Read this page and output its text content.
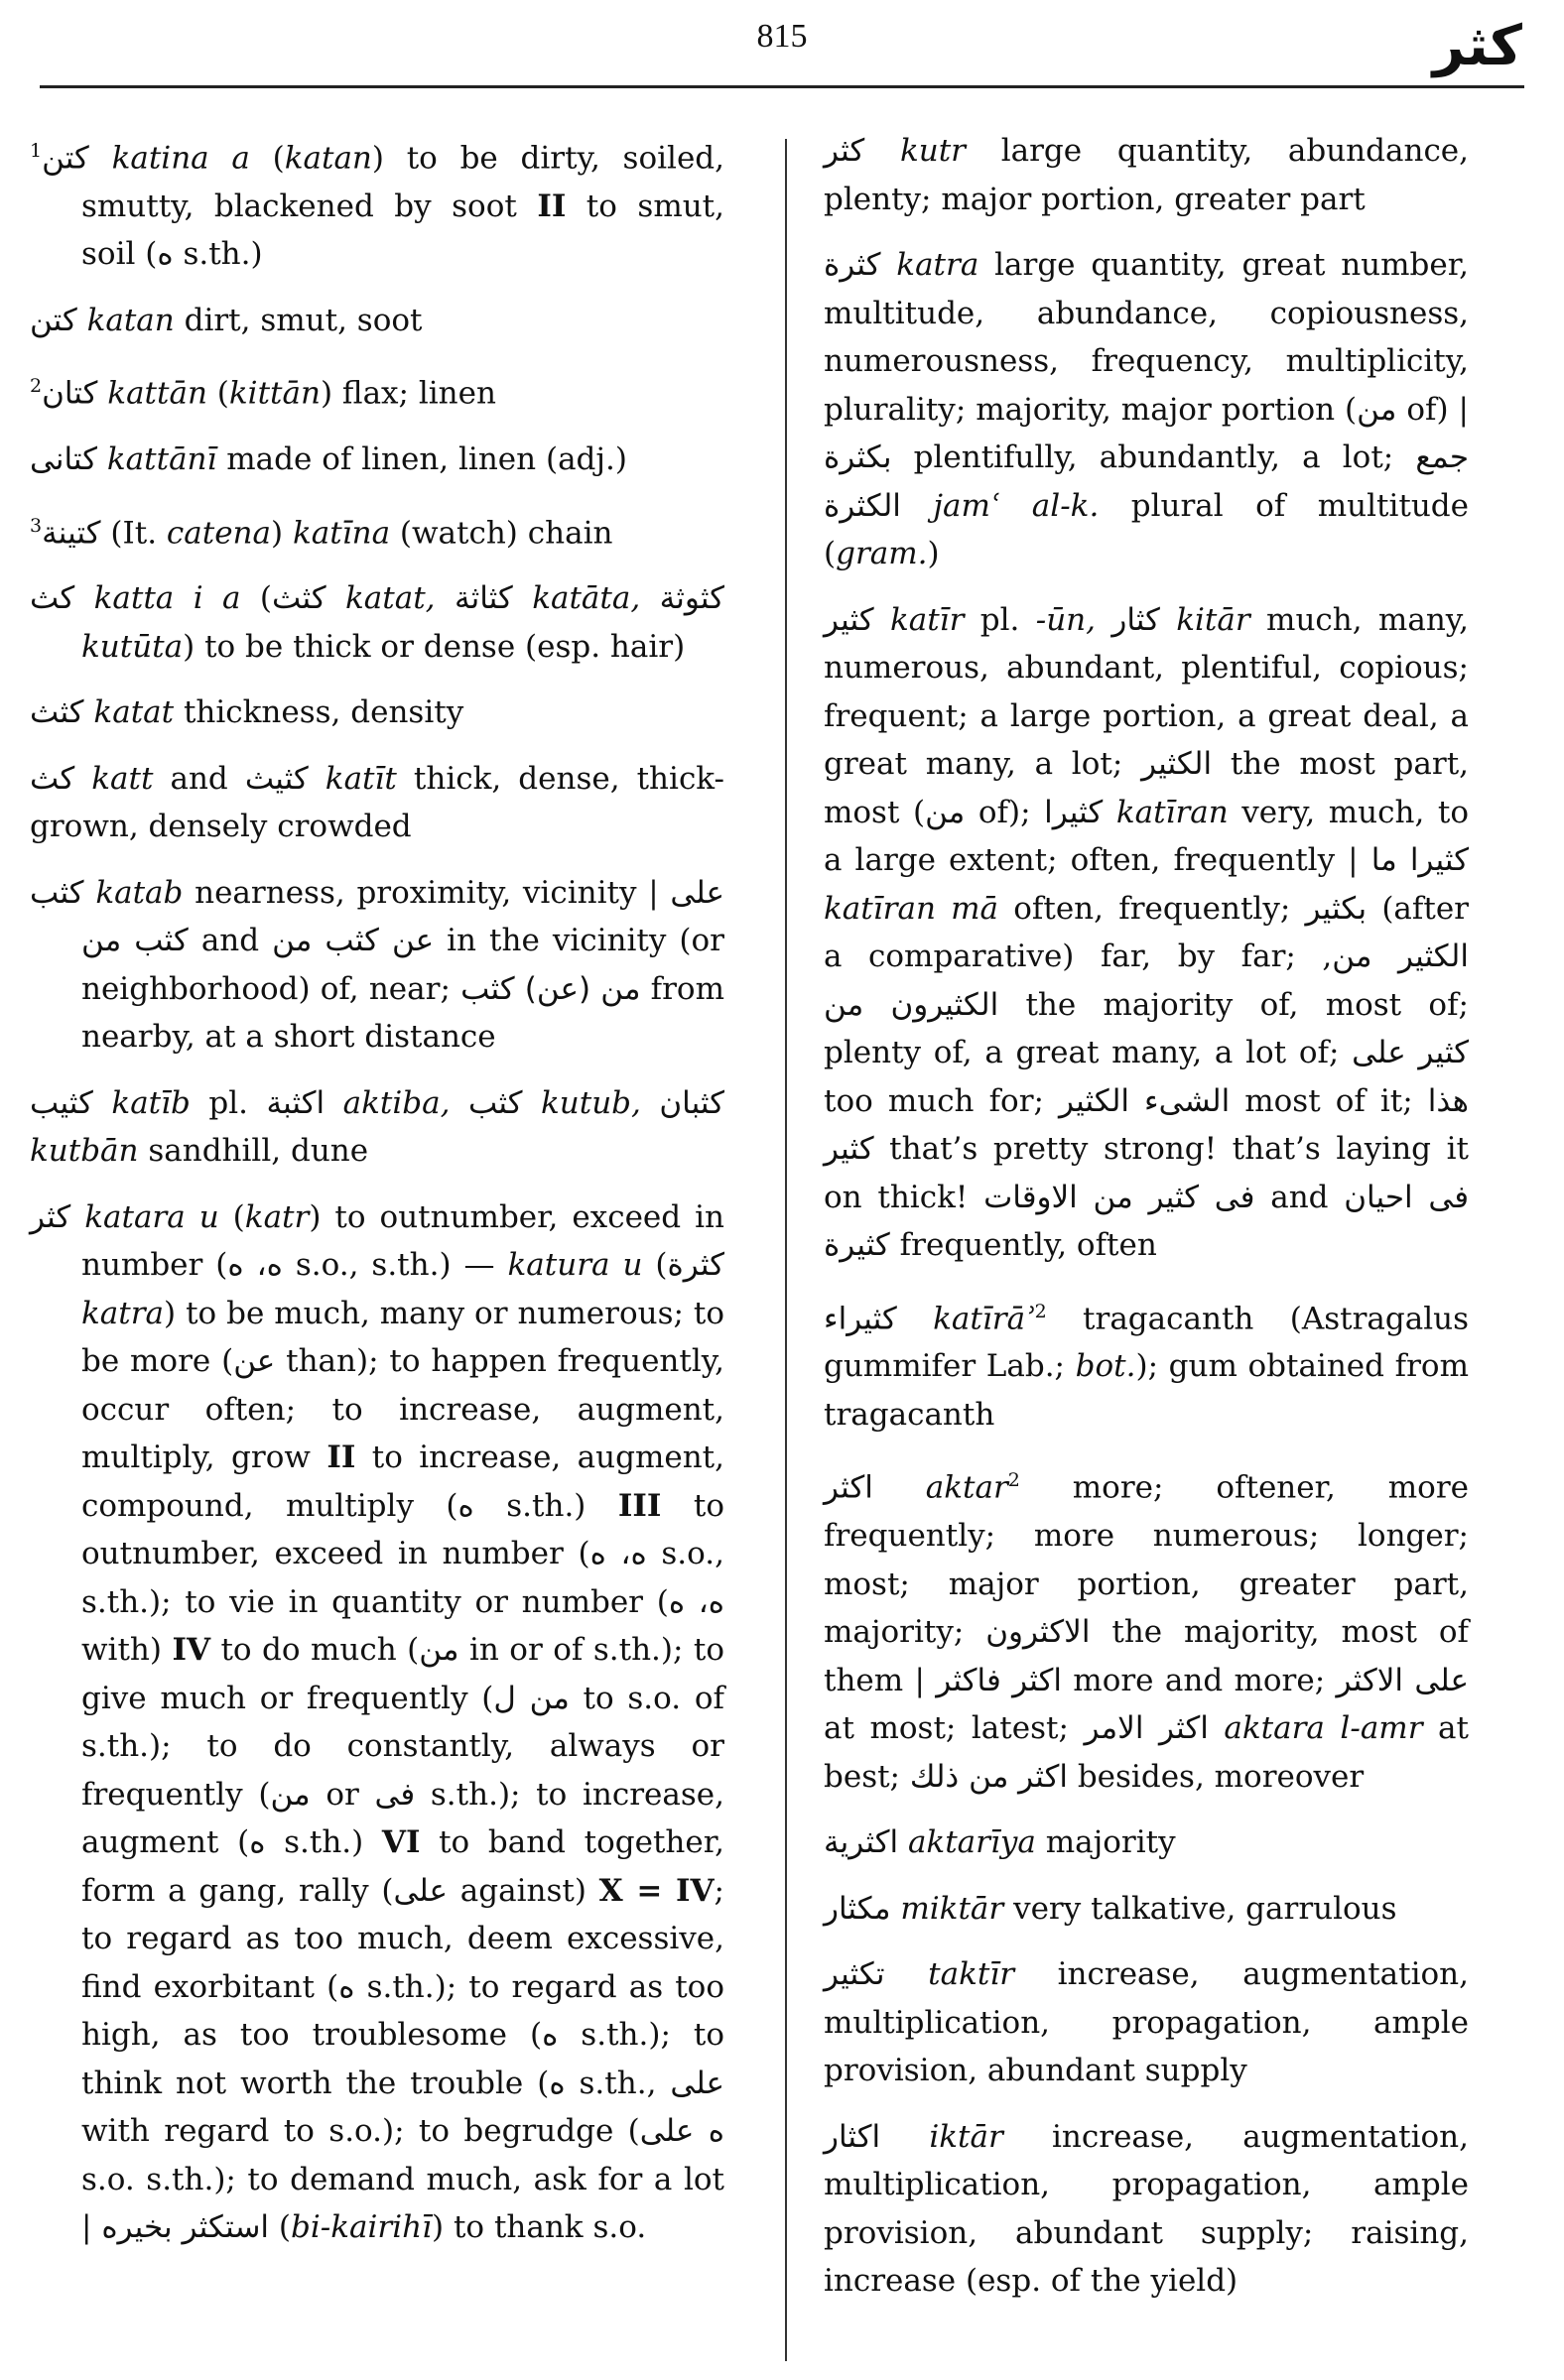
815	كثر

$^1$كتن katina a (katan) to be dirty, soiled, smutty, blackened by soot II to smut, soil (ه s.th.)

كتن katan dirt, smut, soot

$^2$كتان kattān (kittān) flax; linen

كتانى kattānī made of linen, linen (adj.)

$^3$كتينة (It. catena) katīna (watch) chain

كث katta i a (كثث katat, كثاثة katāta, كثوثة kutūta) to be thick or dense (esp. hair)

كثث katat thickness, density

كث katt and كثيث katīt thick, dense, thick-grown, densely crowded

كثب katab nearness, proximity, vicinity | على كثب من and عن كثب من in the vicinity (or neighborhood) of, near; من (عن) كثب from nearby, at a short distance

كثيب katīb pl. اكثبة aktiba, كثب kutub, كثبان kutbān sandhill, dune

كثر katara u (katr) to outnumber, exceed in number (ه، ه s.o., s.th.) — katura u (كثرة katra) to be much, many or numerous; to be more (عن than); to happen frequently, occur often; to increase, augment, multiply, grow II to increase, augment, compound, multiply (ه s.th.) III to outnumber, exceed in number (ه، ه s.o., s.th.); to vie in quantity or number (ه، ه with) IV to do much (من in or of s.th.); to give much or frequently (من ل to s.o. of s.th.); to do constantly, always or frequently (من or فى s.th.); to increase, augment (ه s.th.) VI to band together, form a gang, rally (على against) X = IV; to regard as too much, deem excessive, find exorbitant (ه s.th.); to regard as too high, as too troublesome (ه s.th.); to think not worth the trouble (ه s.th., على with regard to s.o.); to begrudge (ه على s.o. s.th.); to demand much, ask for a lot | استكثر بخيره (bi-kairihī) to thank s.o.

كثر kutr large quantity, abundance, plenty; major portion, greater part

كثرة katra large quantity, great number, multitude, abundance, copiousness, numerousness, frequency, multiplicity, plurality; majority, major portion (من of) | بكثرة plentifully, abundantly, a lot; جمع الكثرة jamʿ al-k. plural of multitude (gram.)

كثير katīr pl. -ūn, كثار kitār much, many, numerous, abundant, plentiful, copious; frequent; a large portion, a great deal, a great many, a lot; الكثير the most part, most (من of); كثيرا katīran very, much, to a large extent; often, frequently | كثيرا ما katīran mā often, frequently; بكثير (after a comparative) far, by far; الكثير من, الكثيرون من the majority of, most of; plenty of, a great many, a lot of; كثير على too much for; الشىء الكثير most of it; هذا كثير that’s pretty strong! that’s laying it on thick! فى كثير من الاوقات and فى احيان كثيرة frequently, often

كثيراء katīrāʾ$^2$ tragacanth (Astragalus gummifer Lab.; bot.); gum obtained from tragacanth

اكثر aktar$^2$ more; oftener, more frequently; more numerous; longer; most; major portion, greater part, majority; الاكثرون the majority, most of them | اكثر فاكثر more and more; على الاكثر at most; latest; اكثر الامر aktara l-amr at best; اكثر من ذلك besides, moreover

اكثرية aktarīya majority

مكثار miktār very talkative, garrulous

تكثير taktīr increase, augmentation, multiplication, propagation, ample provision, abundant supply

اكثار iktār increase, augmentation, multiplication, propagation, ample provision, abundant supply; raising, increase (esp. of the yield)
